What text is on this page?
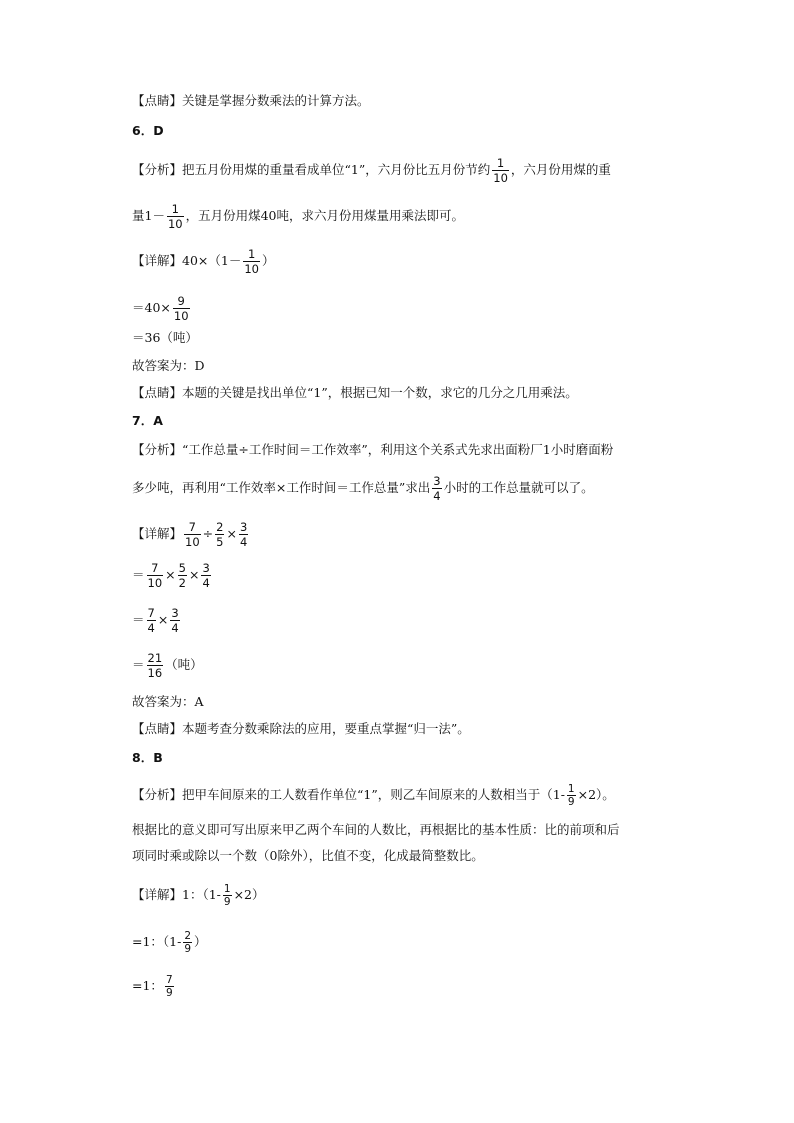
【点睛】关键是掌握分数乘法的计算方法。
6．D
【分析】把五月份用煤的重量看成单位“1”，六月份比五月份节约 $\frac{1}{10}$ ，六月份用煤的重
量$1- \frac{1}{10}$ ，五月份用煤40吨，求六月份用煤量用乘法即可。
【详解】$40\times(1- \frac{1}{10}$ ）
$=40\times \frac{9}{10}$
＝36（吨）
故答案为：D
【点睛】本题的关键是找出单位“1”，根据已知一个数，求它的几分之几用乘法。
7．A
【分析】“工作总量÷工作时间＝工作效率”，利用这个关系式先求出面粉厂1小时磨面粉
多少吨，再利用“工作效率×工作时间＝工作总量”求出 $\frac{3}{4}$ 小时的工作总量就可以了。
【详解】 $\frac{7}{10} \div \frac{2}{5} \times \frac{3}{4}$
＝ $\frac{7}{10} \times \frac{5}{2} \times \frac{3}{4}$
＝ $\frac{7}{4} \times \frac{3}{4}$
＝ $\frac{21}{16}$ （吨）
故答案为：A
【点睛】本题考查分数乘除法的应用，要重点掌握“归一法”。
8．B
【分析】把甲车间原来的工人数看作单位“1”，则乙车间原来的人数相当于$(1- \frac{1}{9} \times 2)$。
根据比的意义即可写出原来甲乙两个车间的人数比，再根据比的基本性质：比的前项和后
项同时乘或除以一个数（0除外），比值不变，化成最简整数比。
【详解】1：$(1- \frac{1}{9} \times 2)$
=1：（$1- \frac{2}{9}$ ）
=1： $\frac{7}{9}$
